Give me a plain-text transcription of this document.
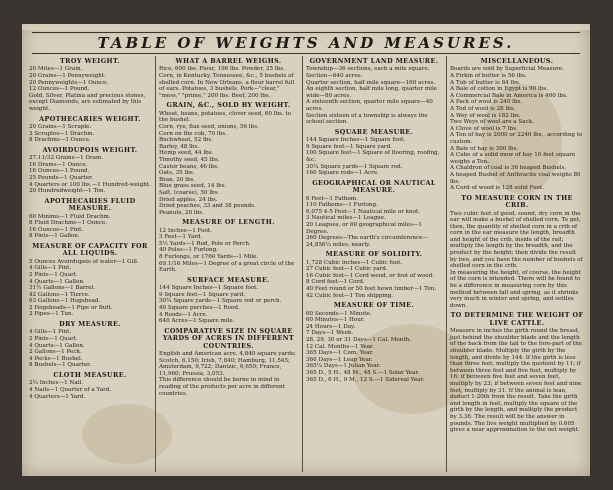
TABLE OF WEIGHTS AND MEASURES.
TROY WEIGHT.
20 Mites—1 Grain.
20 Grains—1 Pennyweight.
20 Pennyweights—1 Ounce.
12 Ounces—1 Pound.
Gold, Silver, Platina and precious stones, except Diamonds, are estimated by this weight.
APOTHECARIES WEIGHT.
20 Grains—1 Scruple.
3 Scruples—1 Drachm.
8 Drachms—1 Ounce.
AVOIRDUPOIS WEIGHT.
27.11/32 Grains—1 Dram.
16 Drams—1 Ounce.
16 Ounces—1 Pound.
25 Pounds—1 Quarter.
4 Quarters or 100 lbs.—1 Hundred-weight.
20 Hundredweight—1 Ton.
APOTHECARIES FLUID MEASURE.
60 Minims—1 Fluid Drachm.
8 Fluid Drachms—1 Ounce.
16 Ounces—1 Pint.
8 Pints—1 Gallon.
MEASURE OF CAPACITY FOR ALL LIQUIDS.
5 Ounces Avoirdupois of water—1 Gill.
4 Gills—1 Pint.
2 Pints—1 Quart.
4 Quarts—1 Gallon.
31½ Gallons—1 Barrel.
42 Gallons—1 Tierce.
63 Gallons—1 Hogshead.
2 Hogsheads—1 Pipe or Butt.
2 Pipes—1 Tun.
DRY MEASURE.
4 Gills—1 Pint.
2 Pints—1 Quart.
4 Quarts—1 Gallon.
2 Gallons—1 Peck.
4 Pecks—1 Bushel.
8 Bushels—1 Quarter.
CLOTH MEASURE.
2¼ Inches—1 Nail.
4 Nails—1 Quarter of a Yard.
4 Quarters—1 Yard.
WHAT A BARREL WEIGHS.
Rice, 600 lbs. Flour, 196 lbs. Powder, 25 lbs. Corn, in Kentucky, Tennessee, &c., 5 bushels of shelled corn. In New Orleans, a flour barrel full of ears. Potatoes, 3 bushels. Pork—"clear," "mess," "prime," 200 lbs. Beef, 200 lbs.
GRAIN, &C., SOLD BY WEIGHT.
Wheat, beans, potatoes, clover seed, 60 lbs. to the bushel.
Corn, rye, flax seed, onions, 56 lbs.
Corn on the cob, 70 lbs.
Buckwheat, 52 lbs.
Barley, 48 lbs.
Hemp seed, 44 lbs.
Timothy seed, 45 lbs.
Castor beans, 46 lbs.
Oats, 35 lbs.
Bran, 20 lbs.
Blue grass seed, 14 lbs.
Salt, (coarse), 50 lbs.
Dried apples, 24 lbs.
Dried peaches, 33 and 38 pounds.
Peanuts, 20 lbs.
MEASURE OF LENGTH.
12 Inches—1 Foot.
3 Feet—1 Yard.
5½ Yards—1 Rod, Pole or Perch.
40 Poles—1 Furlong.
8 Furlongs, or 1760 Yards—1 Mile.
69.1/16 Miles—1 Degree of a great circle of the Earth.
SURFACE MEASURE.
144 Square Inches—1 Square foot.
9 Square feet—1 Square yard.
30¼ Square yards—1 Square rod or perch.
40 Square perches—1 Rood.
4 Roods—1 Acre.
640 Acres—1 Square mile.
COMPARATIVE SIZE IN SQUARE YARDS OF ACRES IN DIFFERENT COUNTRIES.
English and American acre, 4,840 square yards; Scotch, 6,150; Irish, 7,840; Hamburg, 11,545; Amsterdam, 9,722; Dantzic, 6,650; France, 11,960; Prussia, 3,053.
This difference should be borne in mind in reading of the products per acre in different countries.
GOVERNMENT LAND MEASURE.
Township—36 sections, each a mile square.
Section—640 acres.
Quarter section, half mile square—160 acres.
An eighth section, half mile long, quarter mile wide—80 acres.
A sixteenth section, quarter mile square—40 acres.
Section sixteen of a township is always the school section.
SQUARE MEASURE.
144 Square Inches—1 Square foot.
9 Square feet—1 Square yard.
100 Square feet—1 Square of flooring, roofing, &c.
30¼ Square yards—1 Square rod.
160 Square rods—1 Acre.
GEOGRAPHICAL OR NAUTICAL MEASURE.
6 Feet—1 Fathom.
110 Fathoms—1 Furlong.
6,075 4-5 Feet—1 Nautical mile or knot.
3 Nautical miles—1 League.
20 Leagues, or 60 geographical miles—1 Degree.
360 Degrees—The earth's circumference—24,856¼ miles, nearly.
MEASURE OF SOLIDITY.
1,728 Cubic inches—1 Cubic foot.
27 Cubic feet—1 Cubic yard.
16 Cubic feet—1 Cord wood, or foot of wood.
8 Cord feet—1 Cord.
40 Feet round or 50 feet hewn timber—1 Ton.
42 Cubic feet—1 Ton shipping.
MEASURE OF TIME.
60 Seconds—1 Minute.
60 Minutes—1 Hour.
24 Hours—1 Day.
7 Days—1 Week.
28, 29, 30 or 31 Days—1 Cal. Month.
12 Cal. Months—1 Year.
365 Days—1 Com. Year.
366 Days—1 Leap Year.
365¼ Days—1 Julian Year.
365 D., 5 H., 48 M., 48 S.—1 Solar Year.
365 D., 6 H., 9 M., 12 S.—1 Sidereal Year.
MISCELLANEOUS.
Boards are sold by Superficial Measure.
A Firkin of butter is 56 lbs.
A Tub of butter is 84 lbs.
A Bale of cotton in Egypt is 90 lbs.
A Commercial Bale in America is 400 lbs.
A Pack of wool is 240 lbs.
A Tod of wool is 28 lbs.
A Wey of wool is 182 lbs.
Two Weys of wool are a Sack.
A Clove of wool is 7 lbs.
A Ton of hay is 2000 or 2240 lbs., according to custom.
A Bale of hay is 300 lbs.
A Cube of a solid mow of hay 10 feet square weighs a Ton.
A Chaldron of coal is 36 heaped Bushels.
A heaped Bushel of Anthracite coal weighs 80 lbs.
A Cord of wood is 128 solid Feet.
TO MEASURE CORN IN THE CRIB.
Two cubic feet of good, sound, dry corn in the ear will make a bushel of shelled corn. To get, then, the quantity of shelled corn in a crib of corn in the ear measure the length, breadth and height of the crib, inside of the rail; multiply the length by the breadth, and the product by the height; then divide the result by two, and you have the number of bushels of shelled corn in the crib.
In measuring the height, of course, the height of the corn is intended. There will be found to be a difference in measuring corn by this method between fall and spring, as it shrinks very much in winter and spring, and settles down.
TO DETERMINE THE WEIGHT OF LIVE CATTLE.
Measure in inches the girth round the breast, just behind the shoulder blade and the length of the back from the tail to the fore-part of the shoulder blade. Multiply the girth by the length, and divide by 144. If the girth is less than three feet, multiply the quotient by 11; if between three feet and five feet, multiply by 16; if between five feet and seven feet, multiply by 23; if between seven feet and nine feet, multiply by 31. If the animal is lean, deduct 1-20th from the result. Take the girth and length in feet, multiply the square of the girth by the length, and multiply the product by 3.36. The result will be the answer in pounds. The live weight multiplied by 0.605 gives a near approximation to the net weight.
